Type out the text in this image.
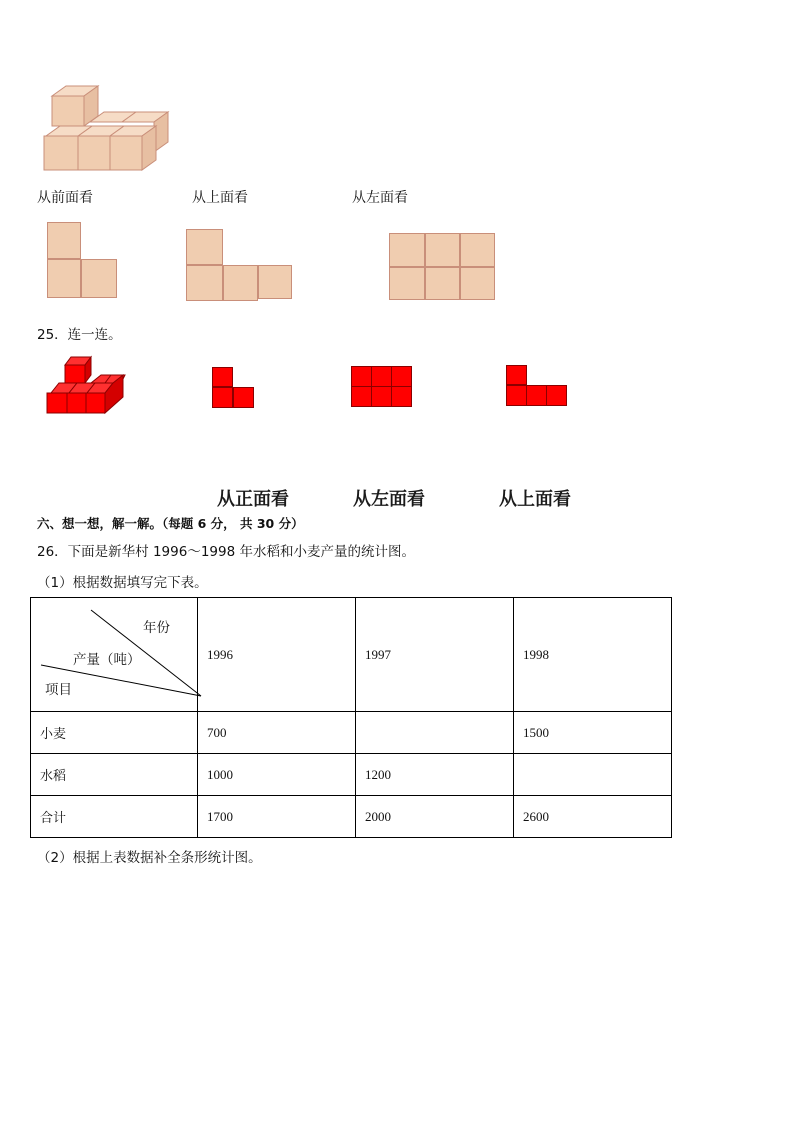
从前面看	从上面看	从左面看
25．连一连。
从正面看	从左面看	从上面看
六、想一想，解一解。（每题 6 分， 共 30 分）
26．下面是新华村 1996～1998 年水稻和小麦产量的统计图。
（1）根据数据填写完下表。
年份
产量（吨）
项目	1996	1997	1998
小麦	700		1500
水稻	1000	1200	
合计	1700	2000	2600
（2）根据上表数据补全条形统计图。
